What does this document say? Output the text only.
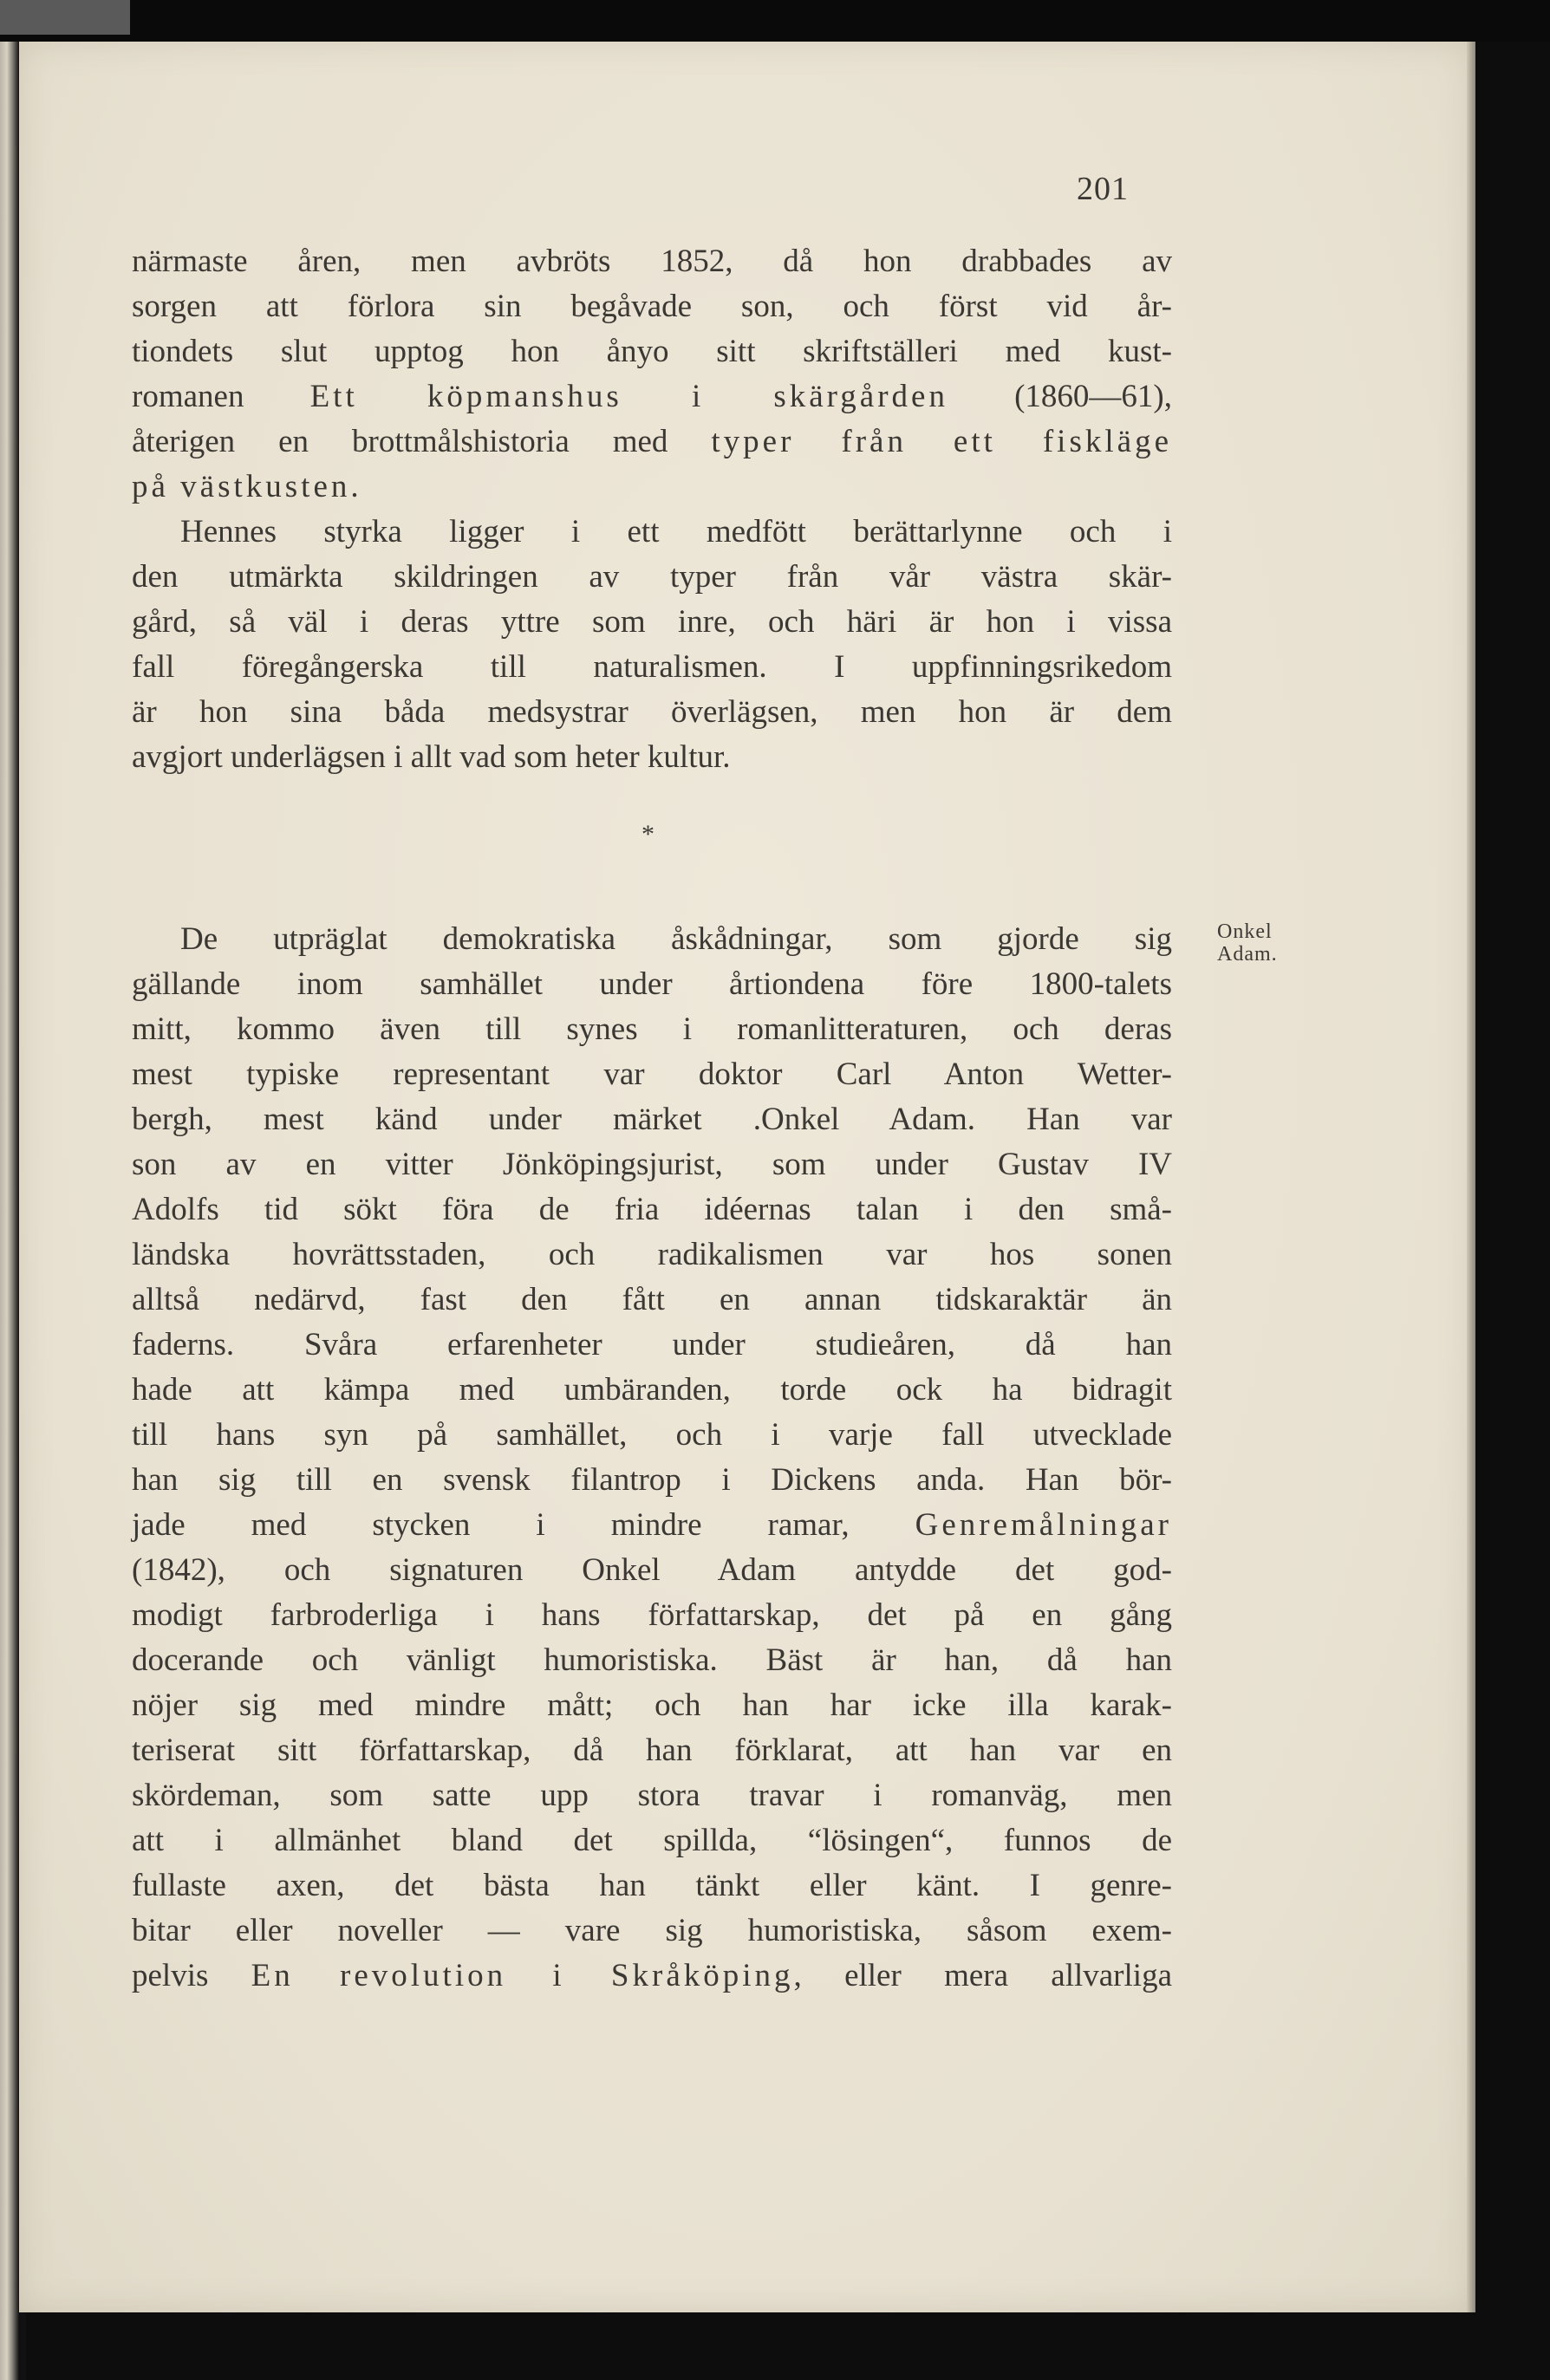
201
närmaste åren, men avbröts 1852, då hon drabbades av
sorgen att förlora sin begåvade son, och först vid år-
tiondets slut upptog hon ånyo sitt skriftställeri med kust-
romanen Ett köpmanshus i skärgården (1860—61),
återigen en brottmålshistoria med typer från ett fiskläge
på västkusten.
Hennes styrka ligger i ett medfött berättarlynne och i
den utmärkta skildringen av typer från vår västra skär-
gård, så väl i deras yttre som inre, och häri är hon i vissa
fall föregångerska till naturalismen. I uppfinningsrikedom
är hon sina båda medsystrar överlägsen, men hon är dem
avgjort underlägsen i allt vad som heter kultur.
*
De utpräglat demokratiska åskådningar, som gjorde sig
gällande inom samhället under årtiondena före 1800-talets
mitt, kommo även till synes i romanlitteraturen, och deras
mest typiske representant var doktor Carl Anton Wetter-
bergh, mest känd under märket .Onkel Adam. Han var
son av en vitter Jönköpingsjurist, som under Gustav IV
Adolfs tid sökt föra de fria idéernas talan i den små-
ländska hovrättsstaden, och radikalismen var hos sonen
alltså nedärvd, fast den fått en annan tidskaraktär än
faderns. Svåra erfarenheter under studieåren, då han
hade att kämpa med umbäranden, torde ock ha bidragit
till hans syn på samhället, och i varje fall utvecklade
han sig till en svensk filantrop i Dickens anda. Han bör-
jade med stycken i mindre ramar, Genremålningar
(1842), och signaturen Onkel Adam antydde det god-
modigt farbroderliga i hans författarskap, det på en gång
docerande och vänligt humoristiska. Bäst är han, då han
nöjer sig med mindre mått; och han har icke illa karak-
teriserat sitt författarskap, då han förklarat, att han var en
skördeman, som satte upp stora travar i romanväg, men
att i allmänhet bland det spillda, “lösingen“, funnos de
fullaste axen, det bästa han tänkt eller känt. I genre-
bitar eller noveller — vare sig humoristiska, såsom exem-
pelvis En revolution i Skråköping, eller mera allvarliga
Onkel
Adam.
